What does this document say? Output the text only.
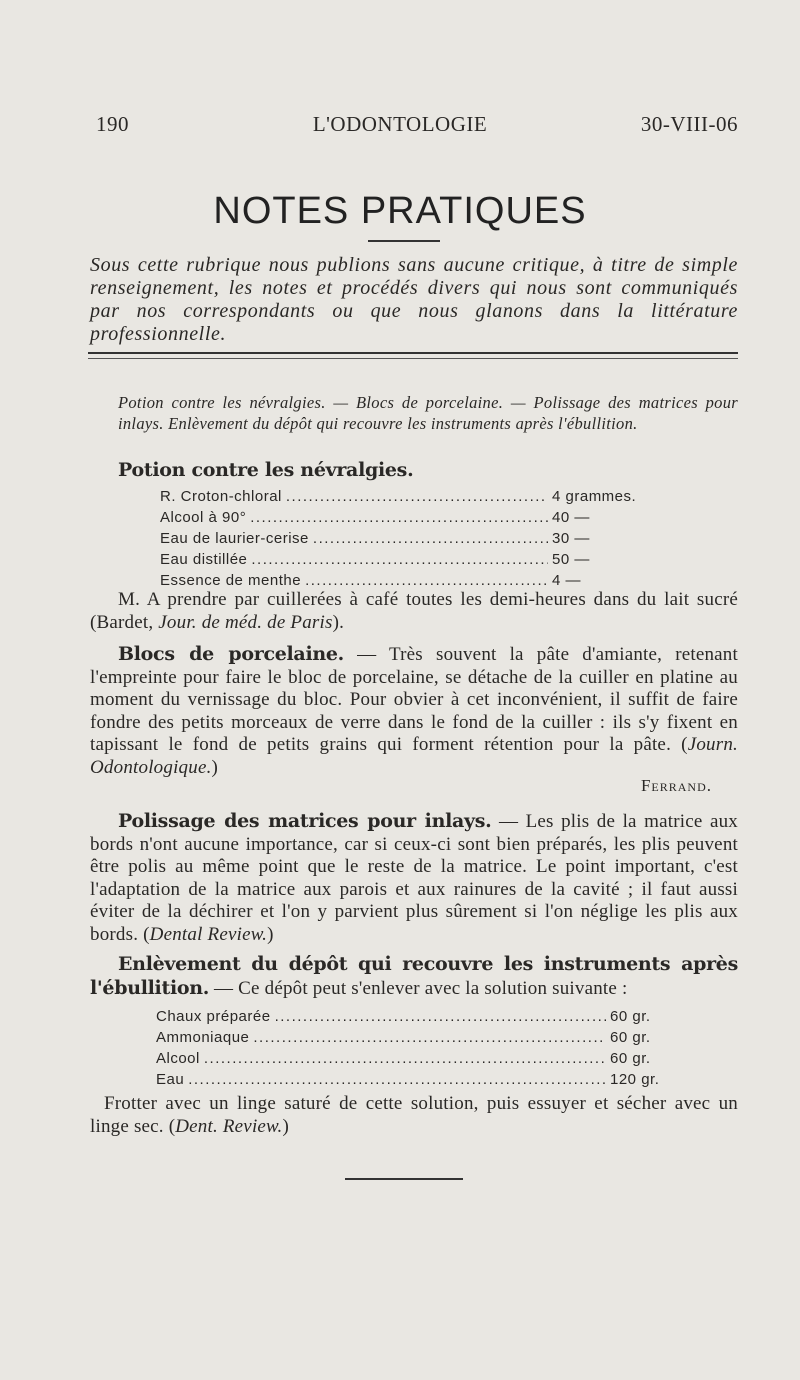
190	L'ODONTOLOGIE	30-VIII-06
NOTES PRATIQUES
Sous cette rubrique nous publions sans aucune critique, à titre de simple renseignement, les notes et procédés divers qui nous sont communiqués par nos correspondants ou que nous glanons dans la littérature professionnelle.
Potion contre les névralgies. — Blocs de porcelaine. — Polissage des matrices pour inlays. Enlèvement du dépôt qui recouvre les instruments après l'ébullition.
Potion contre les névralgies.
R. Croton-chloral .....	4 grammes.
Alcool à 90° .....	40 —
Eau de laurier-cerise .....	30 —
Eau distillée .....	50 —
Essence de menthe .....	4 —
M. A prendre par cuillerées à café toutes les demi-heures dans du lait sucré (Bardet, Jour. de méd. de Paris).
Blocs de porcelaine. — Très souvent la pâte d'amiante, retenant l'empreinte pour faire le bloc de porcelaine, se détache de la cuiller en platine au moment du vernissage du bloc. Pour obvier à cet inconvénient, il suffit de faire fondre des petits morceaux de verre dans le fond de la cuiller : ils s'y fixent en tapissant le fond de petits grains qui forment rétention pour la pâte. (Journ. Odontologique.)
Ferrand.
Polissage des matrices pour inlays. — Les plis de la matrice aux bords n'ont aucune importance, car si ceux-ci sont bien préparés, les plis peuvent être polis au même point que le reste de la matrice. Le point important, c'est l'adaptation de la matrice aux parois et aux rainures de la cavité ; il faut aussi éviter de la déchirer et l'on y parvient plus sûrement si l'on néglige les plis aux bords. (Dental Review.)
Enlèvement du dépôt qui recouvre les instruments après l'ébullition. — Ce dépôt peut s'enlever avec la solution suivante :
Chaux préparée .....	60 gr.
Ammoniaque .....	60 gr.
Alcool .....	60 gr.
Eau .....	120 gr.
Frotter avec un linge saturé de cette solution, puis essuyer et sécher avec un linge sec. (Dent. Review.)
